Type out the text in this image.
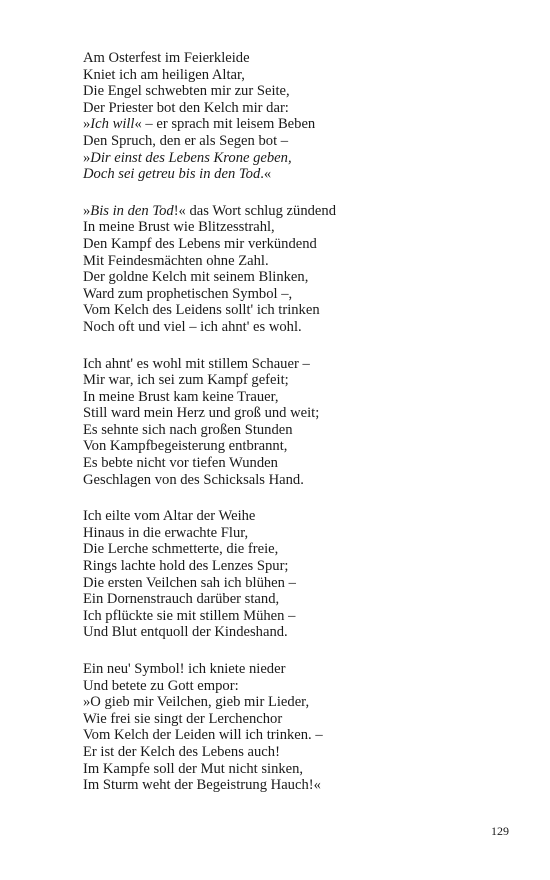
Am Osterfest im Feierkleide
Kniet ich am heiligen Altar,
Die Engel schwebten mir zur Seite,
Der Priester bot den Kelch mir dar:
»Ich will« – er sprach mit leisem Beben
Den Spruch, den er als Segen bot –
»Dir einst des Lebens Krone geben,
Doch sei getreu bis in den Tod.«
»Bis in den Tod!« das Wort schlug zündend
In meine Brust wie Blitzesstrahl,
Den Kampf des Lebens mir verkündend
Mit Feindesmächten ohne Zahl.
Der goldne Kelch mit seinem Blinken,
Ward zum prophetischen Symbol –,
Vom Kelch des Leidens sollt' ich trinken
Noch oft und viel – ich ahnt' es wohl.
Ich ahnt' es wohl mit stillem Schauer –
Mir war, ich sei zum Kampf gefeit;
In meine Brust kam keine Trauer,
Still ward mein Herz und groß und weit;
Es sehnte sich nach großen Stunden
Von Kampfbegeisterung entbrannt,
Es bebte nicht vor tiefen Wunden
Geschlagen von des Schicksals Hand.
Ich eilte vom Altar der Weihe
Hinaus in die erwachte Flur,
Die Lerche schmetterte, die freie,
Rings lachte hold des Lenzes Spur;
Die ersten Veilchen sah ich blühen –
Ein Dornenstrauch darüber stand,
Ich pflückte sie mit stillem Mühen –
Und Blut entquoll der Kindeshand.
Ein neu' Symbol! ich kniete nieder
Und betete zu Gott empor:
»O gieb mir Veilchen, gieb mir Lieder,
Wie frei sie singt der Lerchenchor
Vom Kelch der Leiden will ich trinken. –
Er ist der Kelch des Lebens auch!
Im Kampfe soll der Mut nicht sinken,
Im Sturm weht der Begeistrung Hauch!«
129
